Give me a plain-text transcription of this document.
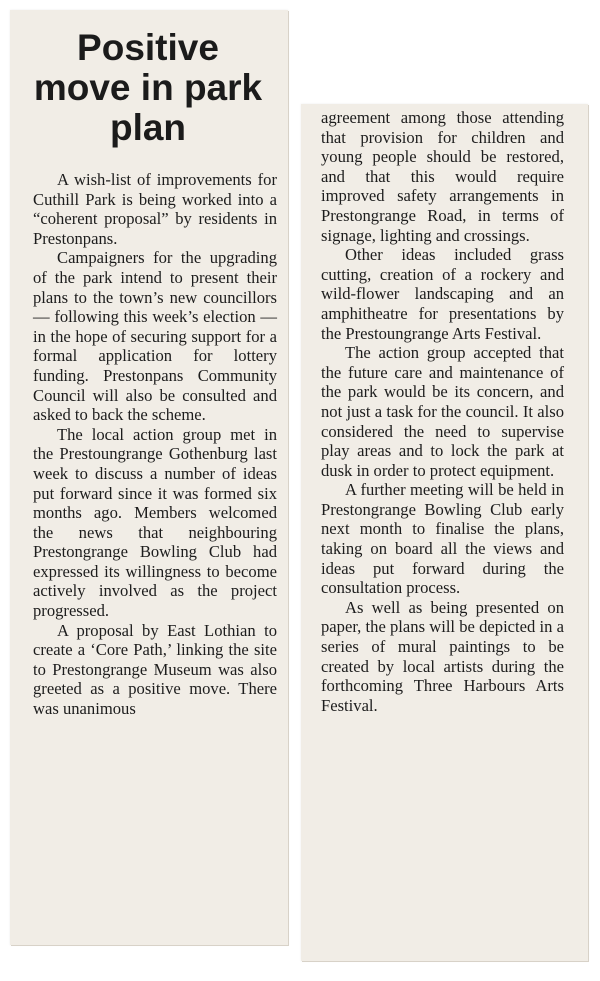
Positive move in park plan

A wish-list of improvements for Cuthill Park is being worked into a “coherent proposal” by residents in Prestonpans.

Campaigners for the upgrading of the park intend to present their plans to the town’s new councillors — following this week’s election — in the hope of securing support for a formal application for lottery funding. Prestonpans Community Council will also be consulted and asked to back the scheme.

The local action group met in the Prestoungrange Gothenburg last week to discuss a number of ideas put forward since it was formed six months ago. Members welcomed the news that neighbouring Prestongrange Bowling Club had expressed its willingness to become actively involved as the project progressed.

A proposal by East Lothian to create a ‘Core Path,’ linking the site to Prestongrange Museum was also greeted as a positive move. There was unanimous

agreement among those attending that provision for children and young people should be restored, and that this would require improved safety arrangements in Prestongrange Road, in terms of signage, lighting and crossings.

Other ideas included grass cutting, creation of a rockery and wild-flower landscaping and an amphitheatre for presentations by the Prestoungrange Arts Festival.

The action group accepted that the future care and maintenance of the park would be its concern, and not just a task for the council. It also considered the need to supervise play areas and to lock the park at dusk in order to protect equipment.

A further meeting will be held in Prestongrange Bowling Club early next month to finalise the plans, taking on board all the views and ideas put forward during the consultation process.

As well as being presented on paper, the plans will be depicted in a series of mural paintings to be created by local artists during the forthcoming Three Harbours Arts Festival.
